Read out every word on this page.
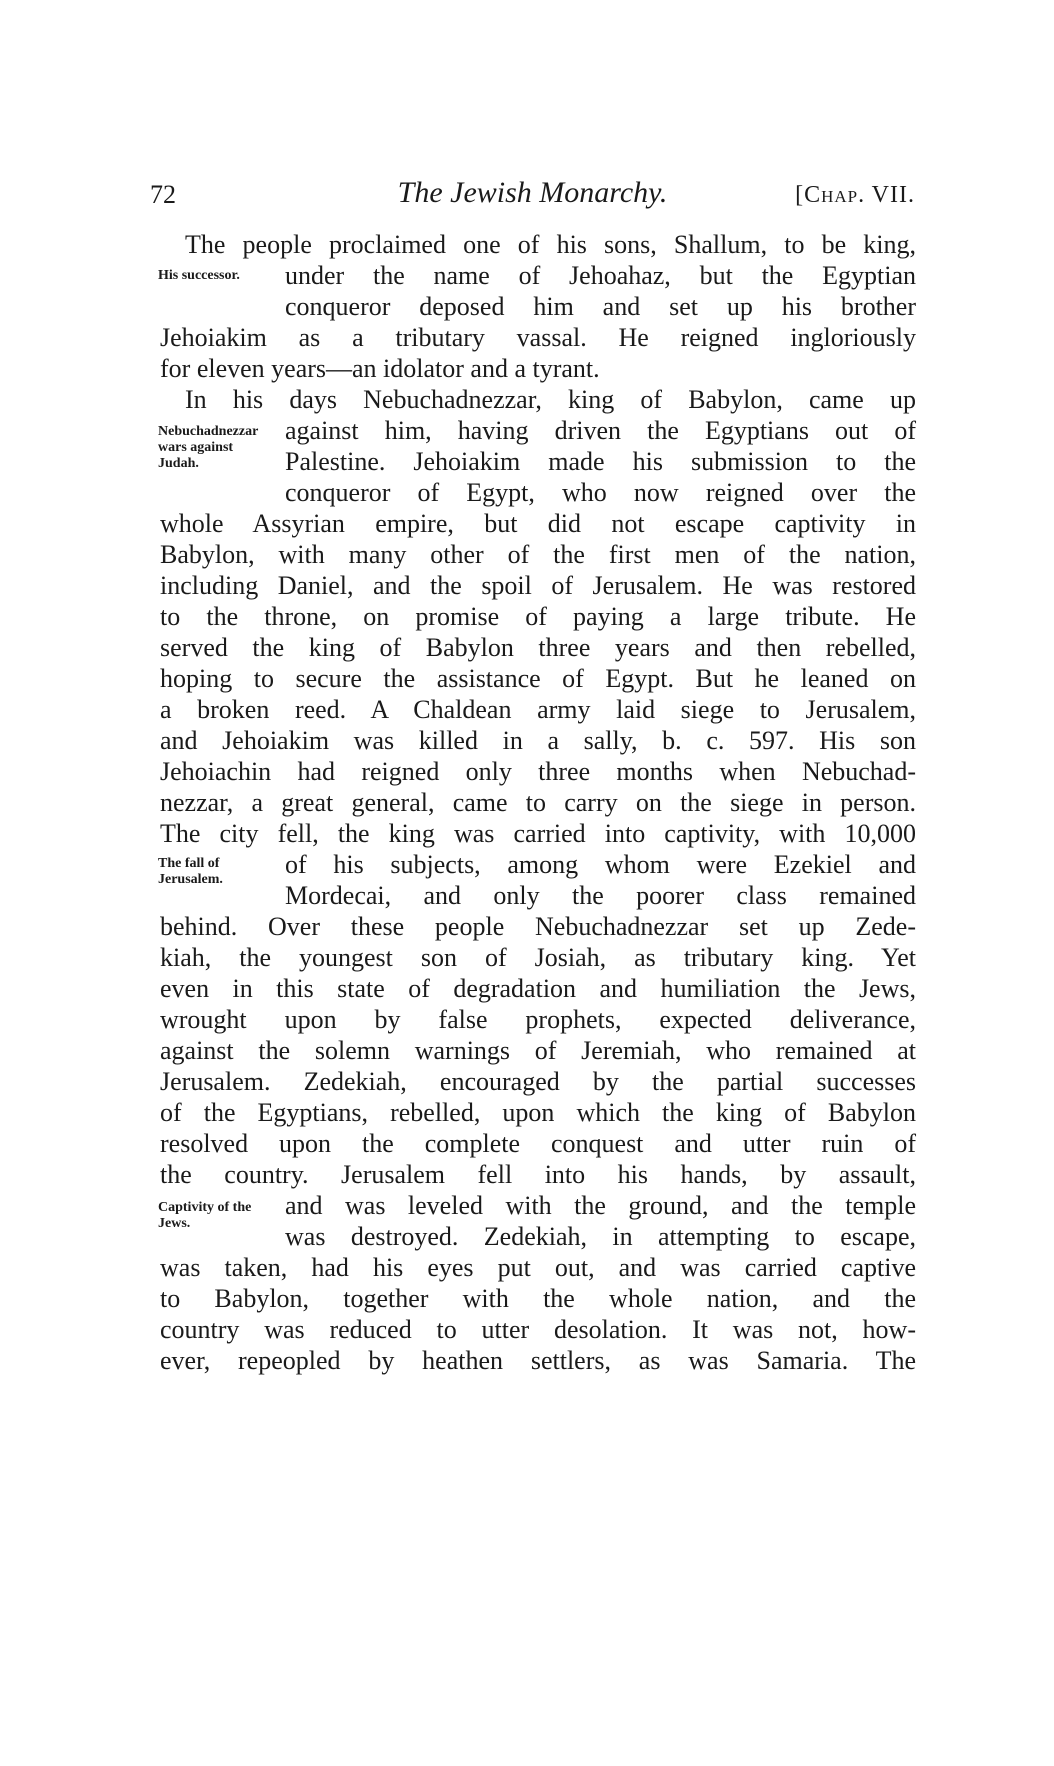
72	The Jewish Monarchy.	[Chap. VII.
His successor.
Nebuchadnezzar wars against Judah.
The fall of Jerusalem.
Captivity of the Jews.
The people proclaimed one of his sons, Shallum, to be king,
under the name of Jehoahaz, but the Egyptian
conqueror deposed him and set up his brother
Jehoiakim as a tributary vassal. He reigned ingloriously
for eleven years—an idolator and a tyrant.
In his days Nebuchadnezzar, king of Babylon, came up
against him, having driven the Egyptians out of
Palestine. Jehoiakim made his submission to the
conqueror of Egypt, who now reigned over the
whole Assyrian empire, but did not escape captivity in
Babylon, with many other of the first men of the nation,
including Daniel, and the spoil of Jerusalem. He was restored
to the throne, on promise of paying a large tribute. He
served the king of Babylon three years and then rebelled,
hoping to secure the assistance of Egypt. But he leaned on
a broken reed. A Chaldean army laid siege to Jerusalem,
and Jehoiakim was killed in a sally, b. c. 597. His son
Jehoiachin had reigned only three months when Nebuchad-
nezzar, a great general, came to carry on the siege in person.
The city fell, the king was carried into captivity, with 10,000
of his subjects, among whom were Ezekiel and
Mordecai, and only the poorer class remained
behind. Over these people Nebuchadnezzar set up Zede-
kiah, the youngest son of Josiah, as tributary king. Yet
even in this state of degradation and humiliation the Jews,
wrought upon by false prophets, expected deliverance,
against the solemn warnings of Jeremiah, who remained at
Jerusalem. Zedekiah, encouraged by the partial successes
of the Egyptians, rebelled, upon which the king of Babylon
resolved upon the complete conquest and utter ruin of
the country. Jerusalem fell into his hands, by assault,
and was leveled with the ground, and the temple
was destroyed. Zedekiah, in attempting to escape,
was taken, had his eyes put out, and was carried captive
to Babylon, together with the whole nation, and the
country was reduced to utter desolation. It was not, how-
ever, repeopled by heathen settlers, as was Samaria. The
